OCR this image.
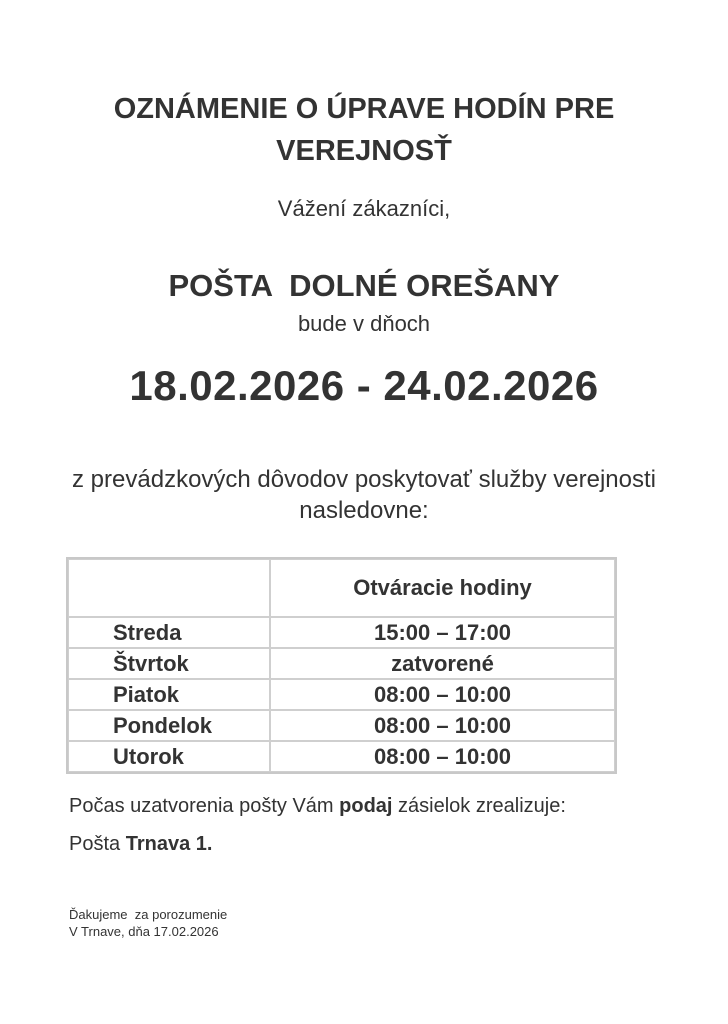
OZNÁMENIE O ÚPRAVE HODÍN PRE VEREJNOSŤ
Vážení zákazníci,
POŠTA  DOLNÉ OREŠANY
bude v dňoch
18.02.2026 - 24.02.2026
z prevádzkových dôvodov poskytovať služby verejnosti nasledovne:
	Otváracie hodiny
Streda	15:00 – 17:00
Štvrtok	zatvorené
Piatok	08:00 – 10:00
Pondelok	08:00 – 10:00
Utorok	08:00 – 10:00
Počas uzatvorenia pošty Vám podaj zásielok zrealizuje:
Pošta Trnava 1.
Ďakujeme  za porozumenie
V Trnave, dňa 17.02.2026
